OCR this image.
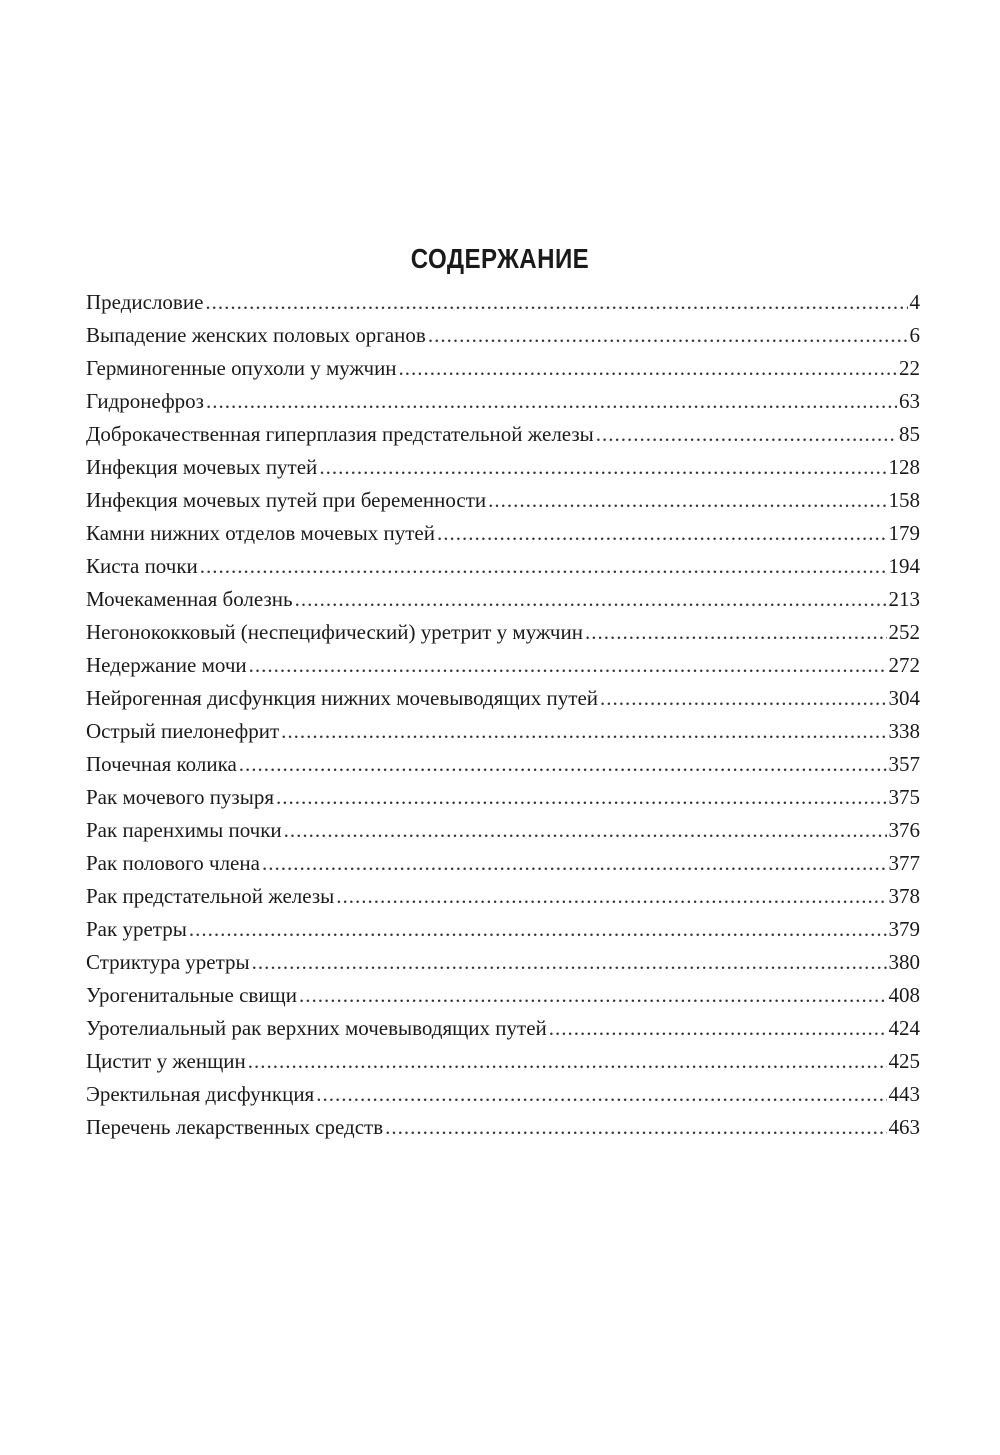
СОДЕРЖАНИЕ
Предисловие .....	4
Выпадение женских половых органов .....	6
Герминогенные опухоли у мужчин .....	22
Гидронефроз .....	63
Доброкачественная гиперплазия предстательной железы .....	85
Инфекция мочевых путей .....	128
Инфекция мочевых путей при беременности .....	158
Камни нижних отделов мочевых путей .....	179
Киста почки .....	194
Мочекаменная болезнь .....	213
Негонококковый (неспецифический) уретрит у мужчин .....	252
Недержание мочи .....	272
Нейрогенная дисфункция нижних мочевыводящих путей .....	304
Острый пиелонефрит .....	338
Почечная колика .....	357
Рак мочевого пузыря .....	375
Рак паренхимы почки .....	376
Рак полового члена .....	377
Рак предстательной железы .....	378
Рак уретры .....	379
Стриктура уретры .....	380
Урогенитальные свищи .....	408
Уротелиальный рак верхних мочевыводящих путей .....	424
Цистит у женщин .....	425
Эректильная дисфункция .....	443
Перечень лекарственных средств .....	463
